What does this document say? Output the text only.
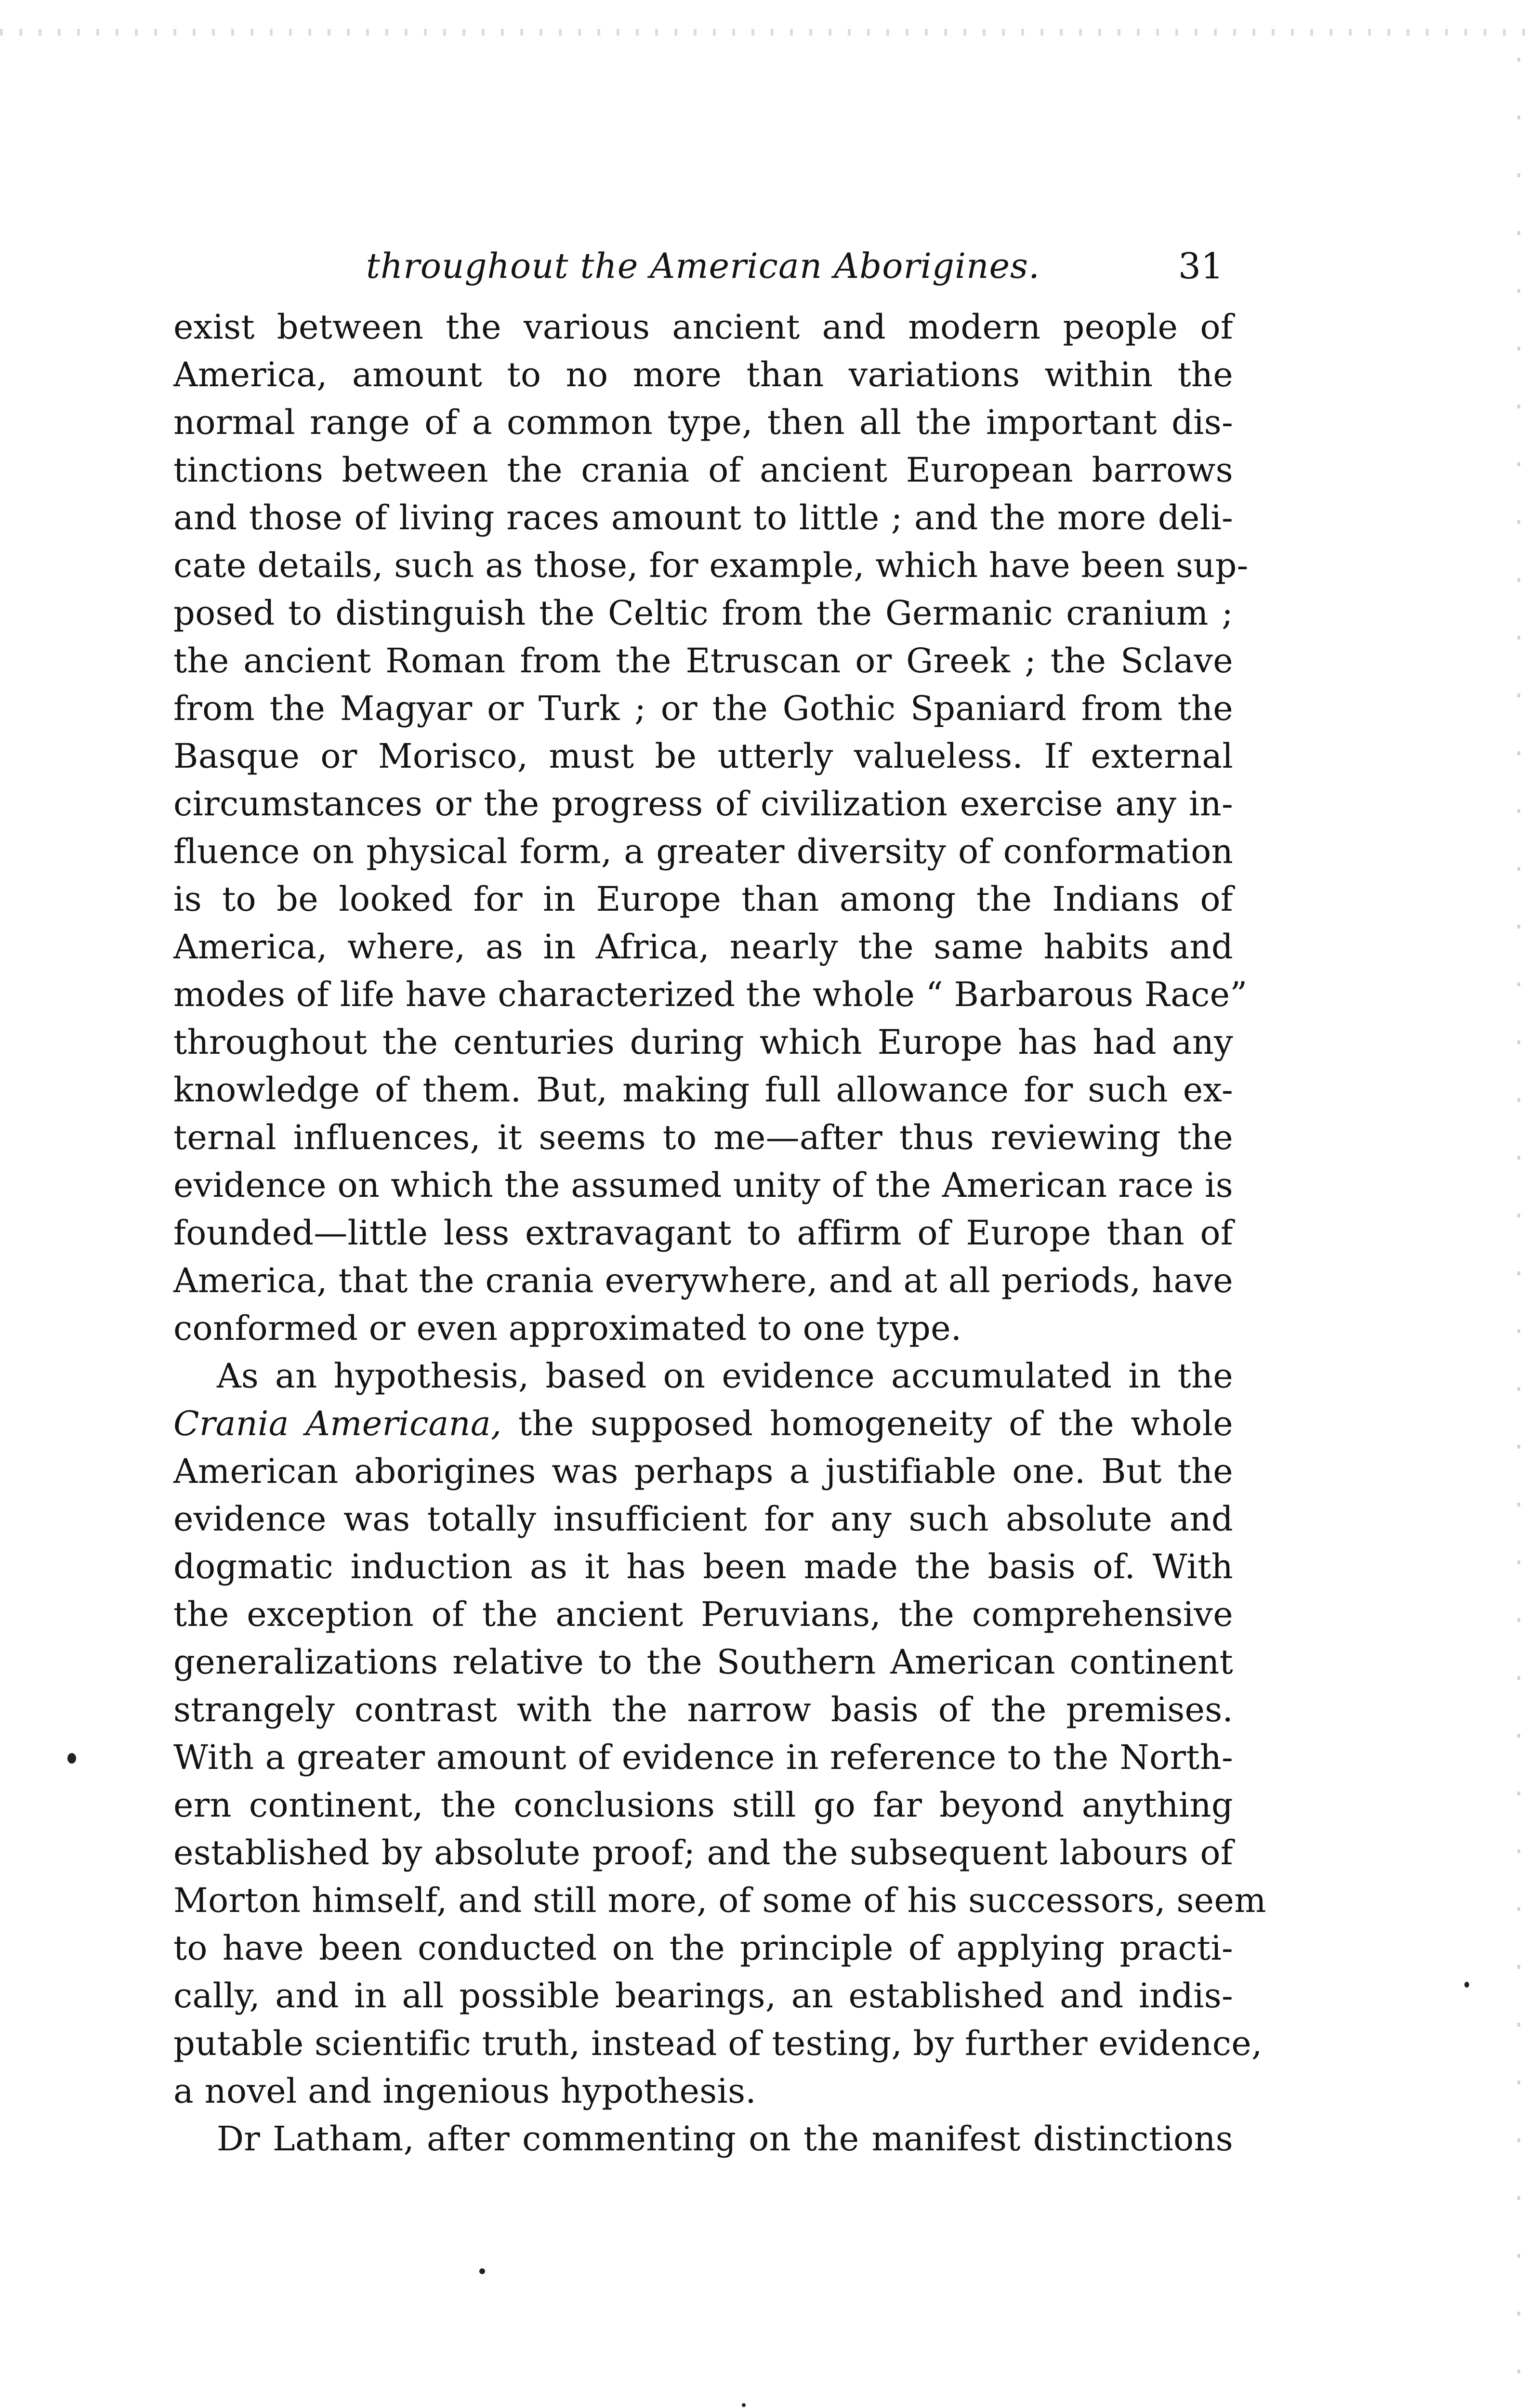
throughout the American Aborigines.	31
exist between the various ancient and modern people of
America, amount to no more than variations within the
normal range of a common type, then all the important dis-
tinctions between the crania of ancient European barrows
and those of living races amount to little ; and the more deli-
cate details, such as those, for example, which have been sup-
posed to distinguish the Celtic from the Germanic cranium ;
the ancient Roman from the Etruscan or Greek ; the Sclave
from the Magyar or Turk ; or the Gothic Spaniard from the
Basque or Morisco, must be utterly valueless. If external
circumstances or the progress of civilization exercise any in-
fluence on physical form, a greater diversity of conformation
is to be looked for in Europe than among the Indians of
America, where, as in Africa, nearly the same habits and
modes of life have characterized the whole “ Barbarous Race”
throughout the centuries during which Europe has had any
knowledge of them. But, making full allowance for such ex-
ternal influences, it seems to me—after thus reviewing the
evidence on which the assumed unity of the American race is
founded—little less extravagant to affirm of Europe than of
America, that the crania everywhere, and at all periods, have
conformed or even approximated to one type.
As an hypothesis, based on evidence accumulated in the
Crania Americana, the supposed homogeneity of the whole
American aborigines was perhaps a justifiable one. But the
evidence was totally insufficient for any such absolute and
dogmatic induction as it has been made the basis of. With
the exception of the ancient Peruvians, the comprehensive
generalizations relative to the Southern American continent
strangely contrast with the narrow basis of the premises.
With a greater amount of evidence in reference to the North-
ern continent, the conclusions still go far beyond anything
established by absolute proof; and the subsequent labours of
Morton himself, and still more, of some of his successors, seem
to have been conducted on the principle of applying practi-
cally, and in all possible bearings, an established and indis-
putable scientific truth, instead of testing, by further evidence,
a novel and ingenious hypothesis.
Dr Latham, after commenting on the manifest distinctions
